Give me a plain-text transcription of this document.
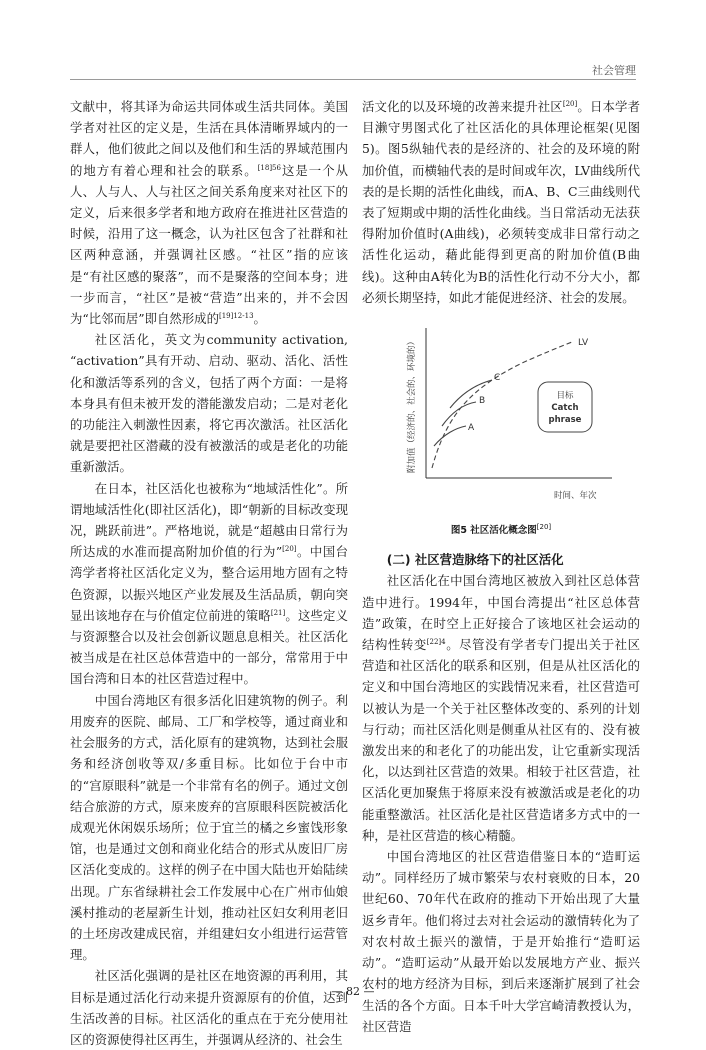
社会管理

文献中，将其译为命运共同体或生活共同体。美国学者对社区的定义是，生活在具体清晰界域内的一群人，他们彼此之间以及他们和生活的界域范围内的地方有着心理和社会的联系。$^{[18]56}$这是一个从人、人与人、人与社区之间关系角度来对社区下的定义，后来很多学者和地方政府在推进社区营造的时候，沿用了这一概念，认为社区包含了社群和社区两种意涵，并强调社区感。“社区”指的应该是“有社区感的聚落”，而不是聚落的空间本身；进一步而言，“社区”是被“营造”出来的，并不会因为“比邻而居”即自然形成的$^{[19]12-13}$。

社区活化，英文为community activation, “activation”具有开动、启动、驱动、活化、活性化和激活等系列的含义，包括了两个方面：一是将本身具有但未被开发的潜能激发启动；二是对老化的功能注入刺激性因素，将它再次激活。社区活化就是要把社区潜藏的没有被激活的或是老化的功能重新激活。

在日本，社区活化也被称为“地域活性化”。所谓地域活性化(即社区活化)，即“朝新的目标改变现况，跳跃前进”。严格地说，就是“超越由日常行为所达成的水准而提高附加价值的行为”[20]。中国台湾学者将社区活化定义为，整合运用地方固有之特色资源，以振兴地区产业发展及生活品质，朝向突显出该地存在与价值定位前进的策略[21]。这些定义与资源整合以及社会创新议题息息相关。社区活化被当成是在社区总体营造中的一部分，常常用于中国台湾和日本的社区营造过程中。

中国台湾地区有很多活化旧建筑物的例子。利用废弃的医院、邮局、工厂和学校等，通过商业和社会服务的方式，活化原有的建筑物，达到社会服务和经济创收等双/多重目标。比如位于台中市的“宫原眼科”就是一个非常有名的例子。通过文创结合旅游的方式，原来废弃的宫原眼科医院被活化成观光休闲娱乐场所；位于宜兰的橘之乡蜜饯形象馆，也是通过文创和商业化结合的形式从废旧厂房区活化变成的。这样的例子在中国大陆也开始陆续出现。广东省绿耕社会工作发展中心在广州市仙娘溪村推动的老屋新生计划，推动社区妇女利用老旧的土坯房改建成民宿，并组建妇女小组进行运营管理。

社区活化强调的是社区在地资源的再利用，其目标是通过活化行动来提升资源原有的价值，达到生活改善的目标。社区活化的重点在于充分使用社区的资源使得社区再生，并强调从经济的、社会生

活文化的以及环境的改善来提升社区[20]。日本学者目濑守男图式化了社区活化的具体理论框架(见图5)。图5纵轴代表的是经济的、社会的及环境的附加价值，而横轴代表的是时间或年次，LV曲线所代表的是长期的活性化曲线，而A、B、C三曲线则代表了短期或中期的活性化曲线。当日常活动无法获得附加价值时(A曲线)，必须转变成非日常行动之活性化运动，藉此能得到更高的附加价值(B曲线)。这种由A转化为B的活性化行动不分大小，都必须长期坚持，如此才能促进经济、社会的发展。

附加值（经济的、社会的、环境的）
时间、年次
LV
C
B
A
目标
Catch
phrase
图5 社区活化概念图[20]

(二) 社区营造脉络下的社区活化

社区活化在中国台湾地区被放入到社区总体营造中进行。1994年，中国台湾提出“社区总体营造”政策，在时空上正好接合了该地区社会运动的结构性转变$^{[22]4}$。尽管没有学者专门提出关于社区营造和社区活化的联系和区别，但是从社区活化的定义和中国台湾地区的实践情况来看，社区营造可以被认为是一个关于社区整体改变的、系列的计划与行动；而社区活化则是侧重从社区有的、没有被激发出来的和老化了的功能出发，让它重新实现活化，以达到社区营造的效果。相较于社区营造，社区活化更加聚焦于将原来没有被激活或是老化的功能重整激活。社区活化是社区营造诸多方式中的一种，是社区营造的核心精髓。

中国台湾地区的社区营造借鉴日本的“造町运动”。同样经历了城市繁荣与农村衰败的日本，20世纪60、70年代在政府的推动下开始出现了大量返乡青年。他们将过去对社会运动的激情转化为了对农村故土振兴的激情，于是开始推行“造町运动”。“造町运动”从最开始以发展地方产业、振兴农村的地方经济为目标，到后来逐渐扩展到了社会生活的各个方面。日本千叶大学宫崎清教授认为，社区营造

— 82 —
